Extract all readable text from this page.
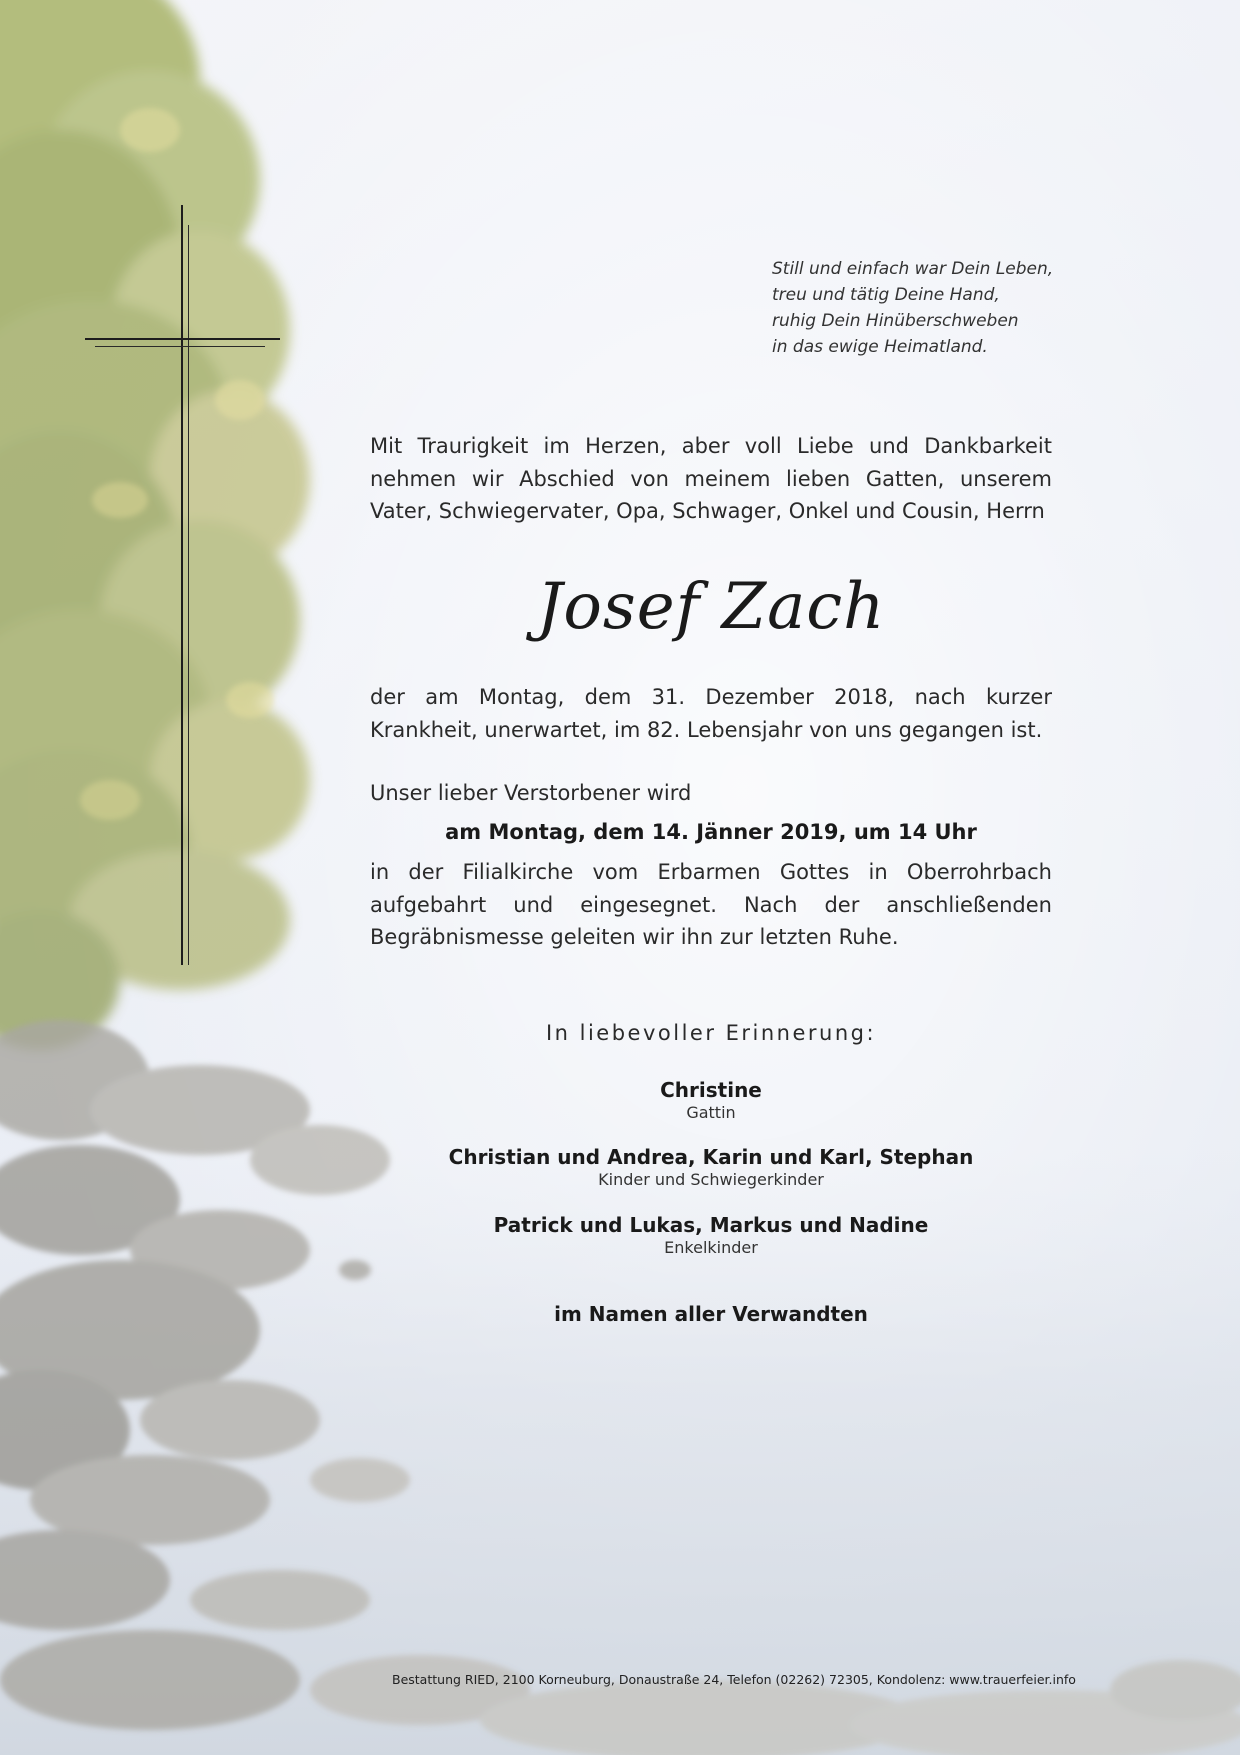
Still und einfach war Dein Leben,
treu und tätig Deine Hand,
ruhig Dein Hinüberschweben
in das ewige Heimatland.
Mit Traurigkeit im Herzen, aber voll Liebe und Dankbarkeit nehmen wir Abschied von meinem lieben Gatten, unserem Vater, Schwiegervater, Opa, Schwager, Onkel und Cousin, Herrn
Josef Zach
der am Montag, dem 31. Dezember 2018, nach kurzer Krankheit, unerwartet, im 82. Lebensjahr von uns gegangen ist.
Unser lieber Verstorbener wird
am Montag, dem 14. Jänner 2019, um 14 Uhr
in der Filialkirche vom Erbarmen Gottes in Oberrohrbach aufgebahrt und eingesegnet. Nach der anschließenden Begräbnismesse geleiten wir ihn zur letzten Ruhe.
In liebevoller Erinnerung:
Christine
Gattin
Christian und Andrea, Karin und Karl, Stephan
Kinder und Schwiegerkinder
Patrick und Lukas, Markus und Nadine
Enkelkinder
im Namen aller Verwandten
Bestattung RIED, 2100 Korneuburg, Donaustraße 24, Telefon (02262) 72305, Kondolenz: www.trauerfeier.info
